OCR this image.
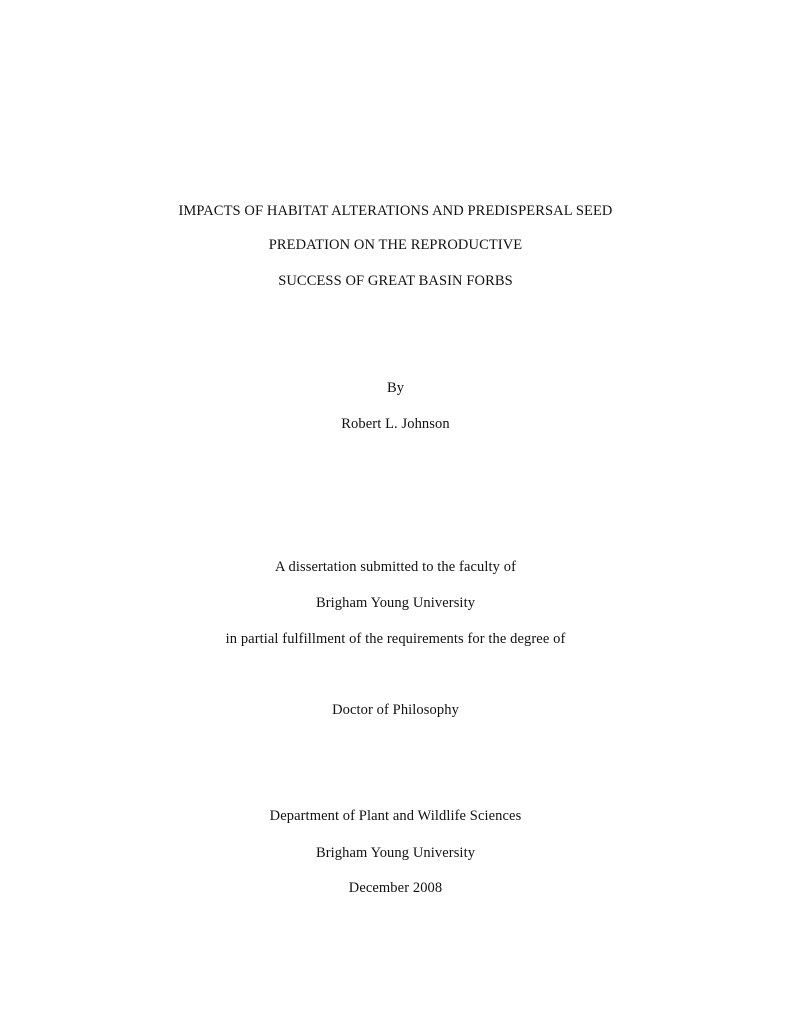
IMPACTS OF HABITAT ALTERATIONS AND PREDISPERSAL SEED
PREDATION ON THE REPRODUCTIVE
SUCCESS OF GREAT BASIN FORBS
By
Robert L. Johnson
A dissertation submitted to the faculty of
Brigham Young University
in partial fulfillment of the requirements for the degree of
Doctor of Philosophy
Department of Plant and Wildlife Sciences
Brigham Young University
December 2008
